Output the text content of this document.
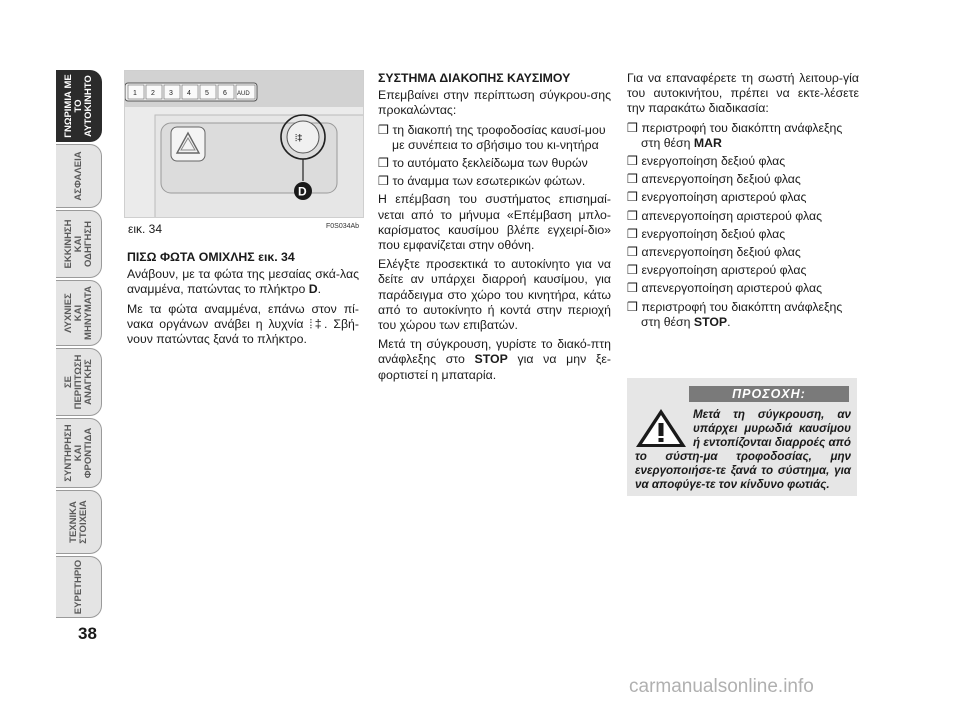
ΓΝΩΡΙΜΙΑ ΜΕ ΤΟ ΑΥΤΟΚΙΝΗΤΟ
ΑΣΦΑΛΕΙΑ
ΕΚΚΙΝΗΣΗ ΚΑΙ ΟΔΗΓΗΣΗ
ΛΥΧΝΙΕΣ ΚΑΙ ΜΗΝΥΜΑΤΑ
ΣΕ ΠΕΡΙΠΤΩΣΗ ΑΝΑΓΚΗΣ
ΣΥΝΤΗΡΗΣΗ ΚΑΙ ΦΡΟΝΤΙΔΑ
ΤΕΧΝΙΚΑ ΣΤΟΙΧΕΙΑ
ΕΥΡΕΤΗΡΙΟ
38
1 2 3 4 5 6 AUD
⦙‡
D
εικ. 34	F0S034Ab

ΠΙΣΩ ΦΩΤΑ ΟΜΙΧΛΗΣ εικ. 34

Ανάβουν, με τα φώτα της μεσαίας σκά-λας αναμμένα, πατώντας το πλήκτρο D.

Με τα φώτα αναμμένα, επάνω στον πί-νακα οργάνων ανάβει η λυχνία ⦙‡. Σβή-νουν πατώντας ξανά το πλήκτρο.

ΣΥΣΤΗΜΑ ΔΙΑΚΟΠΗΣ ΚΑΥΣΙΜΟΥ

Επεμβαίνει στην περίπτωση σύγκρου-σης προκαλώντας:

❒ τη διακοπή της τροφοδοσίας καυσί-μου με συνέπεια το σβήσιμο του κι-νητήρα

❒ το αυτόματο ξεκλείδωμα των θυρών

❒ το άναμμα των εσωτερικών φώτων.

Η επέμβαση του συστήματος επισημαί-νεται από το μήνυμα «Επέμβαση μπλο-καρίσματος καυσίμου βλέπε εγχειρί-διο» που εμφανίζεται στην οθόνη.

Ελέγξτε προσεκτικά το αυτοκίνητο για να δείτε αν υπάρχει διαρροή καυσίμου, για παράδειγμα στο χώρο του κινητήρα, κάτω από το αυτοκίνητο ή κοντά στην περιοχή του χώρου των επιβατών.

Μετά τη σύγκρουση, γυρίστε το διακό-πτη ανάφλεξης στο STOP για να μην ξε-φορτιστεί η μπαταρία.

Για να επαναφέρετε τη σωστή λειτουρ-γία του αυτοκινήτου, πρέπει να εκτε-λέσετε την παρακάτω διαδικασία:

❒ περιστροφή του διακόπτη ανάφλεξης στη θέση MAR

❒ ενεργοποίηση δεξιού φλας

❒ απενεργοποίηση δεξιού φλας

❒ ενεργοποίηση αριστερού φλας

❒ απενεργοποίηση αριστερού φλας

❒ ενεργοποίηση δεξιού φλας

❒ απενεργοποίηση δεξιού φλας

❒ ενεργοποίηση αριστερού φλας

❒ απενεργοποίηση αριστερού φλας

❒ περιστροφή του διακόπτη ανάφλεξης στη θέση STOP.

ΠΡΟΣΟΧΗ:
Μετά τη σύγκρουση, αν υπάρχει μυρωδιά καυσίμου ή εντοπίζονται διαρροές από το σύστη-μα τροφοδοσίας, μην ενεργοποιήσε-τε ξανά το σύστημα, για να αποφύγε-τε τον κίνδυνο φωτιάς.
carmanualsonline.info
